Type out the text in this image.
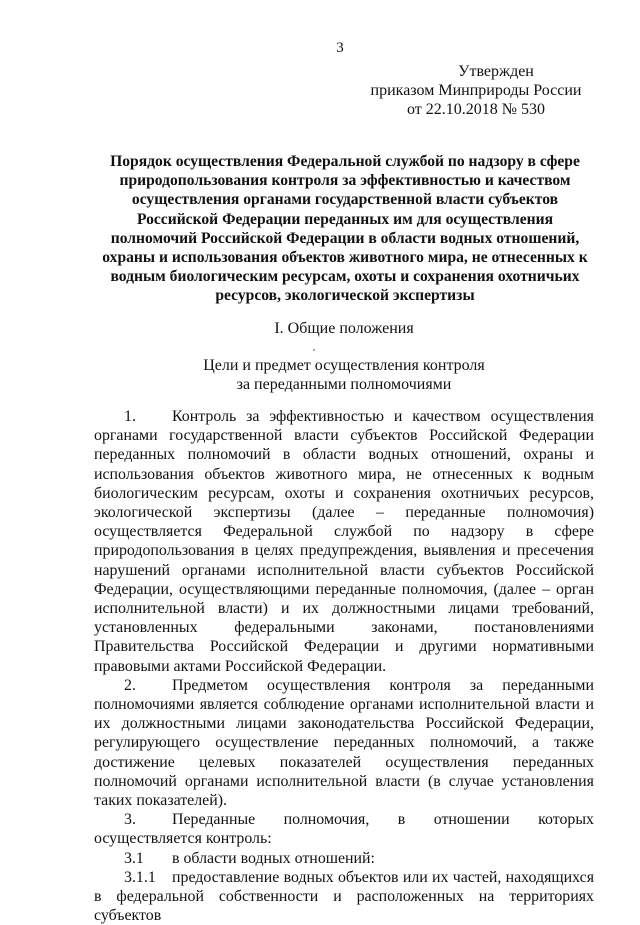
3
Утвержден
приказом Минприроды России
от 22.10.2018 № 530
Порядок осуществления Федеральной службой по надзору в сфере природопользования контроля за эффективностью и качеством осуществления органами государственной власти субъектов Российской Федерации переданных им для осуществления полномочий Российской Федерации в области водных отношений, охраны и использования объектов животного мира, не отнесенных к водным биологическим ресурсам, охоты и сохранения охотничьих ресурсов, экологической экспертизы
I. Общие положения
Цели и предмет осуществления контроля
за переданными полномочиями

1. Контроль за эффективностью и качеством осуществления органами государственной власти субъектов Российской Федерации переданных полномочий в области водных отношений, охраны и использования объектов животного мира, не отнесенных к водным биологическим ресурсам, охоты и сохранения охотничьих ресурсов, экологической экспертизы (далее – переданные полномочия) осуществляется Федеральной службой по надзору в сфере природопользования в целях предупреждения, выявления и пресечения нарушений органами исполнительной власти субъектов Российской Федерации, осуществляющими переданные полномочия, (далее – орган исполнительной власти) и их должностными лицами требований, установленных федеральными законами, постановлениями Правительства Российской Федерации и другими нормативными правовыми актами Российской Федерации.

2. Предметом осуществления контроля за переданными полномочиями является соблюдение органами исполнительной власти и их должностными лицами законодательства Российской Федерации, регулирующего осуществление переданных полномочий, а также достижение целевых показателей осуществления переданных полномочий органами исполнительной власти (в случае установления таких показателей).

3. Переданные полномочия, в отношении которых осуществляется контроль:

3.1 в области водных отношений:

3.1.1 предоставление водных объектов или их частей, находящихся в федеральной собственности и расположенных на территориях субъектов
